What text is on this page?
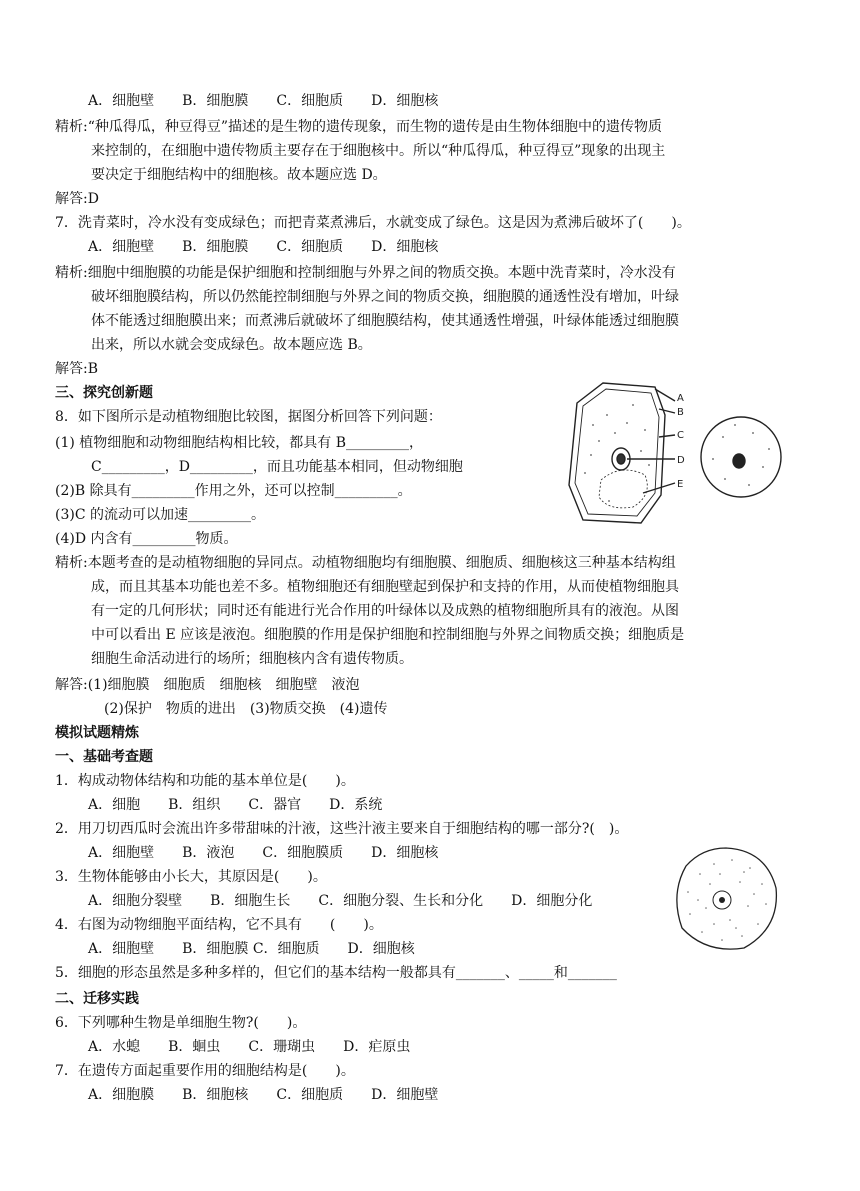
A．细胞壁　　B．细胞膜　　C．细胞质　　D．细胞核
精析:“种瓜得瓜，种豆得豆”描述的是生物的遗传现象，而生物的遗传是由生物体细胞中的遗传物质
来控制的，在细胞中遗传物质主要存在于细胞核中。所以“种瓜得瓜，种豆得豆”现象的出现主
要决定于细胞结构中的细胞核。故本题应选 D。
解答:D
7．洗青菜时，冷水没有变成绿色；而把青菜煮沸后，水就变成了绿色。这是因为煮沸后破坏了(　　)。
A．细胞壁　　B．细胞膜　　C．细胞质　　D．细胞核
精析:细胞中细胞膜的功能是保护细胞和控制细胞与外界之间的物质交换。本题中洗青菜时，冷水没有
破坏细胞膜结构，所以仍然能控制细胞与外界之间的物质交换，细胞膜的通透性没有增加，叶绿
体不能透过细胞膜出来；而煮沸后就破坏了细胞膜结构，使其通透性增强，叶绿体能透过细胞膜
出来，所以水就会变成绿色。故本题应选 B。
解答:B
三、探究创新题
8．如下图所示是动植物细胞比较图，据图分析回答下列问题：
(1) 植物细胞和动物细胞结构相比较，都具有 B_________，
C_________，D_________，而且功能基本相同，但动物细胞
(2)B 除具有_________作用之外，还可以控制_________。
(3)C 的流动可以加速_________。
(4)D 内含有_________物质。
A
B
C
D
E
精析:本题考查的是动植物细胞的异同点。动植物细胞均有细胞膜、细胞质、细胞核这三种基本结构组
成，而且其基本功能也差不多。植物细胞还有细胞壁起到保护和支持的作用，从而使植物细胞具
有一定的几何形状；同时还有能进行光合作用的叶绿体以及成熟的植物细胞所具有的液泡。从图
中可以看出 E 应该是液泡。细胞膜的作用是保护细胞和控制细胞与外界之间物质交换；细胞质是
细胞生命活动进行的场所；细胞核内含有遗传物质。
解答:(1)细胞膜　细胞质　细胞核　细胞壁　液泡
(2)保护　物质的进出　(3)物质交换　(4)遗传
模拟试题精炼
一、基础考查题
1．构成动物体结构和功能的基本单位是(　　)。
A．细胞　　B．组织　　C．器官　　D．系统
2．用刀切西瓜时会流出许多带甜味的汁液，这些汁液主要来自于细胞结构的哪一部分?(　)。
A．细胞壁　　B．液泡　　C．细胞膜质　　D．细胞核
3．生物体能够由小长大，其原因是(　　)。
A．细胞分裂壁　　B．细胞生长　　C．细胞分裂、生长和分化　　D．细胞分化
4．右图为动物细胞平面结构，它不具有　　(　　)。
A．细胞壁　　B．细胞膜 C．细胞质　　D．细胞核
5．细胞的形态虽然是多种多样的，但它们的基本结构一般都具有_______、_____和_______
二、迁移实践
6．下列哪种生物是单细胞生物?(　　)。
A．水螅　　B．蛔虫　　C．珊瑚虫　　D．疟原虫
7．在遗传方面起重要作用的细胞结构是(　　)。
A．细胞膜　　B．细胞核　　C．细胞质　　D．细胞壁
